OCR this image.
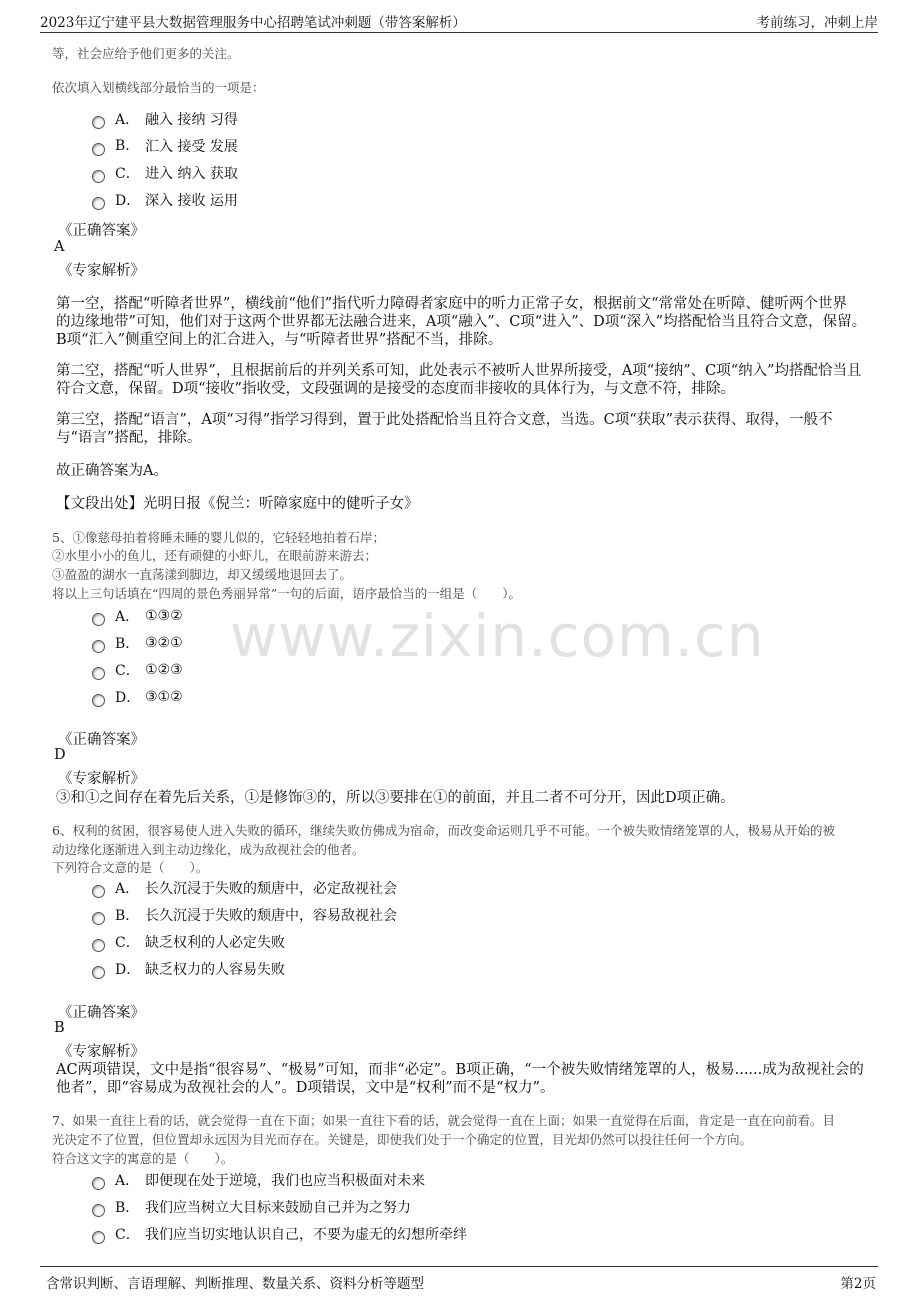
2023年辽宁建平县大数据管理服务中心招聘笔试冲刺题（带答案解析）	考前练习，冲刺上岸
www.zixin.com.cn
等，社会应给予他们更多的关注。
依次填入划横线部分最恰当的一项是：
A． 融入 接纳 习得
B.	汇入 接受 发展
C． 进入 纳入 获取
D． 深入 接收 运用
《正确答案》
A
《专家解析》
第一空，搭配“听障者世界”，横线前“他们”指代听力障碍者家庭中的听力正常子女，根据前文“常常处在听障、健听两个世界
的边缘地带”可知，他们对于这两个世界都无法融合进来，A项“融入”、C项“进入”、D项“深入”均搭配恰当且符合文意，保留。
B项“汇入”侧重空间上的汇合进入，与“听障者世界”搭配不当，排除。
第二空，搭配“听人世界”，且根据前后的并列关系可知，此处表示不被听人世界所接受，A项“接纳”、C项“纳入”均搭配恰当且
符合文意，保留。D项“接收”指收受，文段强调的是接受的态度而非接收的具体行为，与文意不符，排除。
第三空，搭配“语言”，A项“习得”指学习得到，置于此处搭配恰当且符合文意，当选。C项“获取”表示获得、取得，一般不
与“语言”搭配，排除。
故正确答案为A。
【文段出处】光明日报《倪兰：听障家庭中的健听子女》
5、①像慈母拍着将睡未睡的婴儿似的，它轻轻地拍着石岸；
②水里小小的鱼儿，还有顽健的小虾儿，在眼前游来游去；
③盈盈的湖水一直荡漾到脚边，却又缓缓地退回去了。
将以上三句话填在“四周的景色秀丽异常”一句的后面，语序最恰当的一组是（　　）。
A． ①③②
B． ③②①
C． ①②③
D． ③①②
《正确答案》
D
《专家解析》
③和①之间存在着先后关系，①是修饰③的，所以③要排在①的前面，并且二者不可分开，因此D项正确。
6、权利的贫困，很容易使人进入失败的循环，继续失败仿佛成为宿命，而改变命运则几乎不可能。一个被失败情绪笼罩的人，极易从开始的被
动边缘化逐渐进入到主动边缘化，成为敌视社会的他者。
下列符合文意的是（　　）。
A． 长久沉浸于失败的颓唐中，必定敌视社会
B． 长久沉浸于失败的颓唐中，容易敌视社会
C． 缺乏权利的人必定失败
D． 缺乏权力的人容易失败
《正确答案》
B
《专家解析》
AC两项错误，文中是指“很容易”、“极易”可知，而非“必定”。B项正确，“一个被失败情绪笼罩的人，极易......成为敌视社会的
他者”，即“容易成为敌视社会的人”。D项错误，文中是“权利”而不是“权力”。
7、如果一直往上看的话，就会觉得一直在下面；如果一直往下看的话，就会觉得一直在上面；如果一直觉得在后面，肯定是一直在向前看。目
光决定不了位置，但位置却永远因为目光而存在。关键是，即使我们处于一个确定的位置，目光却仍然可以投往任何一个方向。
符合这文字的寓意的是（　　）。
A． 即便现在处于逆境，我们也应当积极面对未来
B． 我们应当树立大目标来鼓励自己并为之努力
C． 我们应当切实地认识自己，不要为虚无的幻想所牵绊
含常识判断、言语理解、判断推理、数量关系、资料分析等题型	第2页
